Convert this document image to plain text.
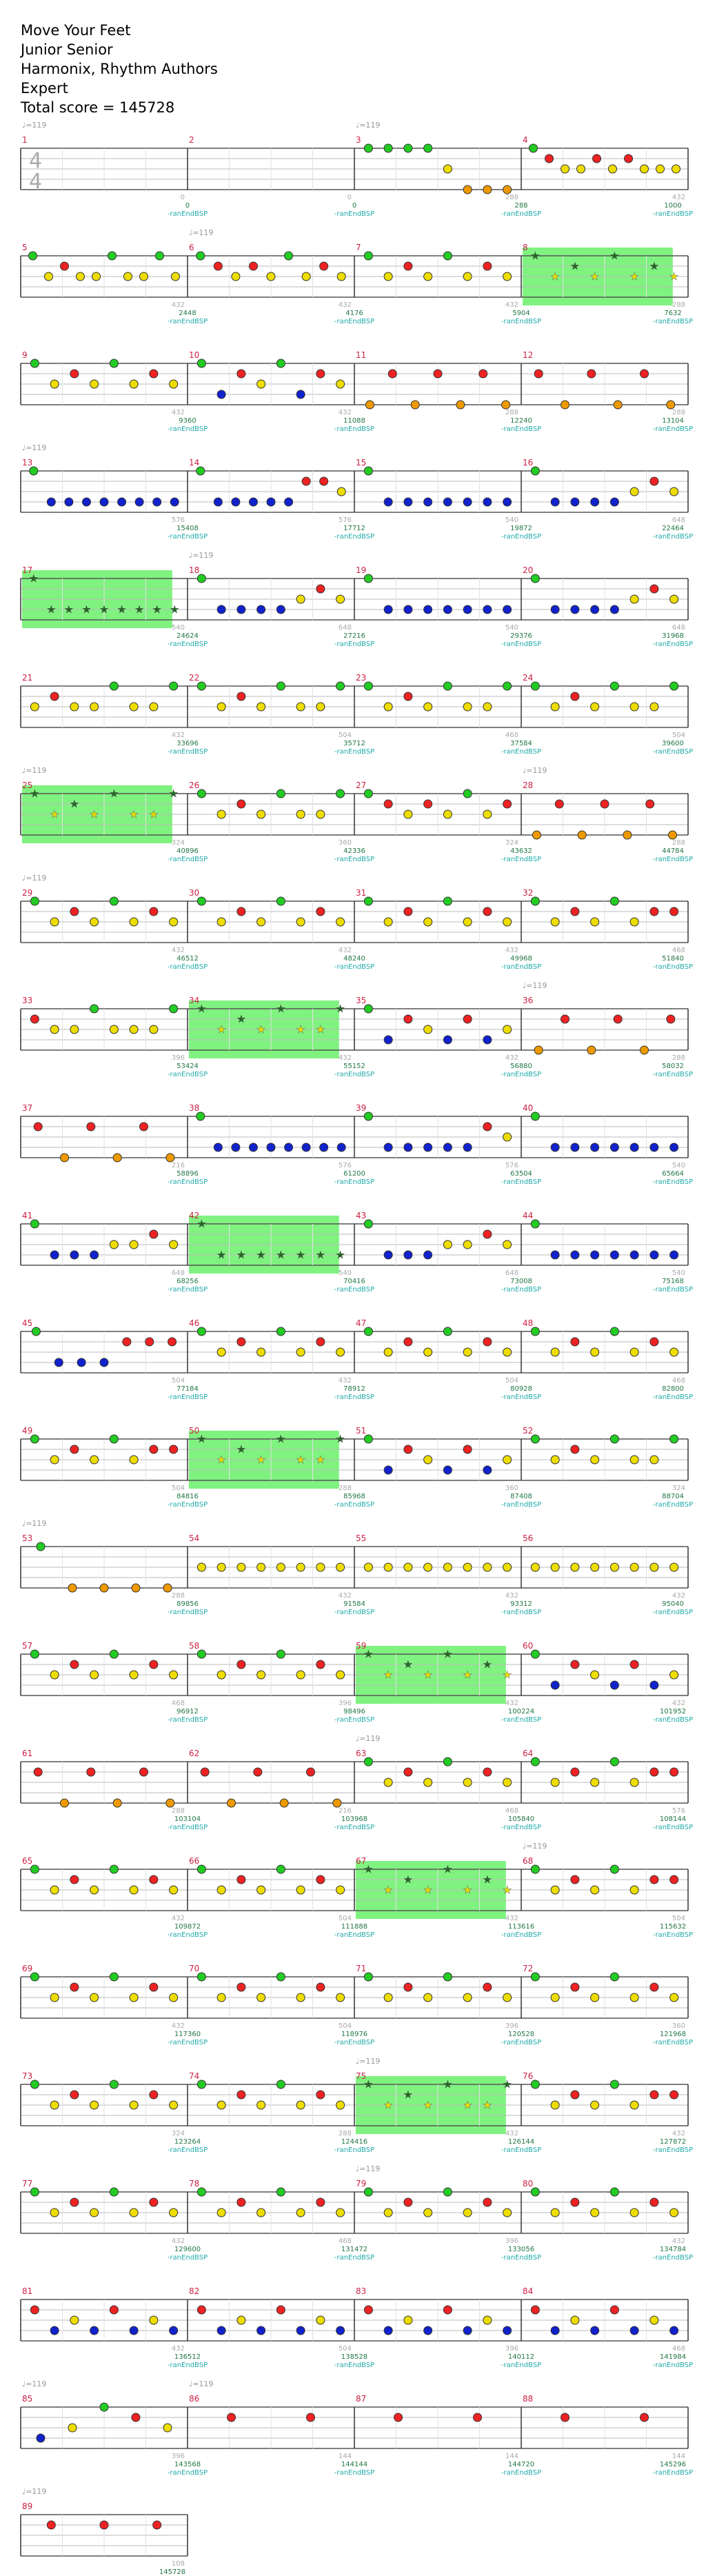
Move Your Feet
Junior Senior
Harmonix, Rhythm Authors
Expert
Total score = 145728
1
♩=119
4
4
0
2
0
3
♩=119
288
4
432
0
-ranEndBSP
0
-ranEndBSP
288
-ranEndBSP
1000
-ranEndBSP
5
432
6
♩=119
432
7
432
8
★
★
★
★
★
★
★
★
288
2448
-ranEndBSP
4176
-ranEndBSP
5904
-ranEndBSP
7632
-ranEndBSP
9
432
10
432
11
288
12
288
9360
-ranEndBSP
11088
-ranEndBSP
12240
-ranEndBSP
13104
-ranEndBSP
13
♩=119
576
14
576
15
540
16
648
15408
-ranEndBSP
17712
-ranEndBSP
19872
-ranEndBSP
22464
-ranEndBSP
17
★
★ ★ ★ ★ ★ ★ ★ ★
540
18
♩=119
648
19
540
20
648
24624
-ranEndBSP
27216
-ranEndBSP
29376
-ranEndBSP
31968
-ranEndBSP
21
432
22
504
23
468
24
504
33696
-ranEndBSP
35712
-ranEndBSP
37584
-ranEndBSP
39600
-ranEndBSP
25
♩=119
★
★
★
★
★
★ ★
★
324
26
360
27
324
28
♩=119
288
40896
-ranEndBSP
42336
-ranEndBSP
43632
-ranEndBSP
44784
-ranEndBSP
29
♩=119
432
30
432
31
432
32
468
46512
-ranEndBSP
48240
-ranEndBSP
49968
-ranEndBSP
51840
-ranEndBSP
33
396
34
★
★
★
★
★
★ ★
★
432
35
432
36
♩=119
288
53424
-ranEndBSP
55152
-ranEndBSP
56880
-ranEndBSP
58032
-ranEndBSP
37
216
38
576
39
576
40
540
58896
-ranEndBSP
61200
-ranEndBSP
63504
-ranEndBSP
65664
-ranEndBSP
41
648
42
★
★ ★ ★ ★ ★ ★ ★
540
43
648
44
540
68256
-ranEndBSP
70416
-ranEndBSP
73008
-ranEndBSP
75168
-ranEndBSP
45
504
46
432
47
504
48
468
77184
-ranEndBSP
78912
-ranEndBSP
80928
-ranEndBSP
82800
-ranEndBSP
49
504
50
★
★
★
★
★
★ ★
★
288
51
360
52
324
84816
-ranEndBSP
85968
-ranEndBSP
87408
-ranEndBSP
88704
-ranEndBSP
53
♩=119
288
54
432
55
432
56
432
89856
-ranEndBSP
91584
-ranEndBSP
93312
-ranEndBSP
95040
-ranEndBSP
57
468
58
396
59
★
★
★
★
★
★
★
★
432
60
432
96912
-ranEndBSP
98496
-ranEndBSP
100224
-ranEndBSP
101952
-ranEndBSP
61
288
62
216
63
♩=119
468
64
576
103104
-ranEndBSP
103968
-ranEndBSP
105840
-ranEndBSP
108144
-ranEndBSP
65
432
66
504
67
★
★
★
★
★
★
★
★
432
68
♩=119
504
109872
-ranEndBSP
111888
-ranEndBSP
113616
-ranEndBSP
115632
-ranEndBSP
69
432
70
504
71
396
72
360
117360
-ranEndBSP
118976
-ranEndBSP
120528
-ranEndBSP
121968
-ranEndBSP
73
324
74
288
75
♩=119
★
★
★
★
★
★ ★
★
432
76
432
123264
-ranEndBSP
124416
-ranEndBSP
126144
-ranEndBSP
127872
-ranEndBSP
77
432
78
468
79
♩=119
396
80
432
129600
-ranEndBSP
131472
-ranEndBSP
133056
-ranEndBSP
134784
-ranEndBSP
81
432
82
504
83
396
84
468
136512
-ranEndBSP
138528
-ranEndBSP
140112
-ranEndBSP
141984
-ranEndBSP
85
♩=119
396
86
♩=119
144
87
144
88
144
143568
-ranEndBSP
144144
-ranEndBSP
144720
-ranEndBSP
145296
-ranEndBSP
89
♩=119
108
145728
